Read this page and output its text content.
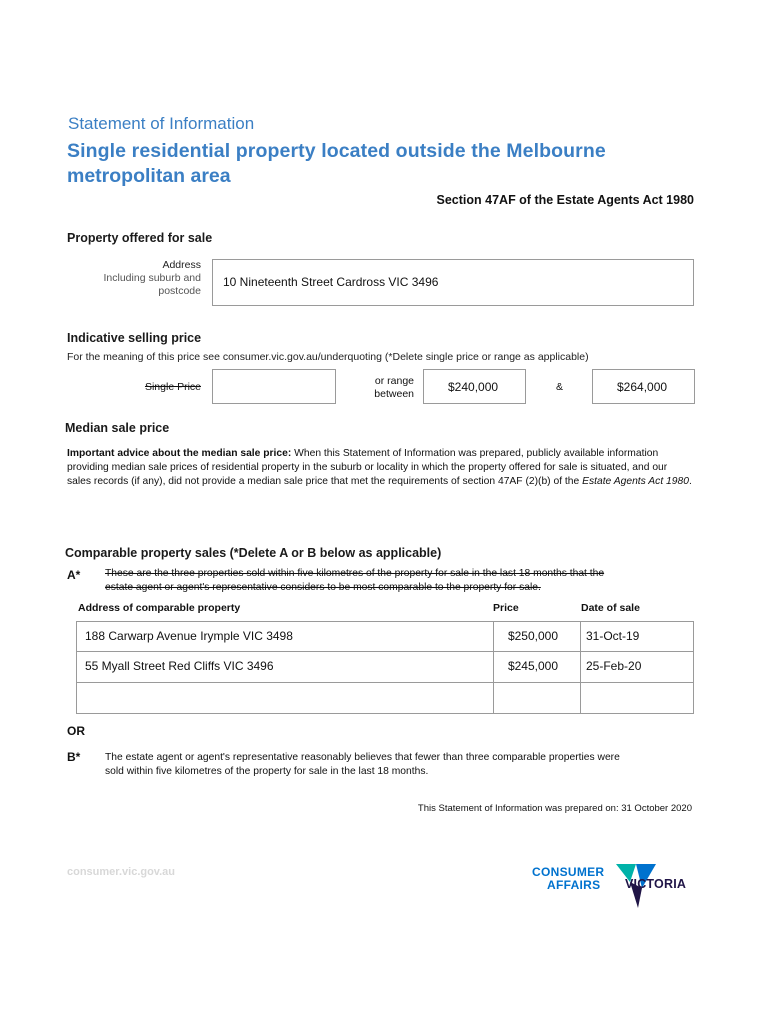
Statement of Information
Single residential property located outside the Melbourne
metropolitan area
Section 47AF of the Estate Agents Act 1980
Property offered for sale
Address
Including suburb and
postcode
10 Nineteenth Street Cardross VIC 3496
Indicative selling price
For the meaning of this price see consumer.vic.gov.au/underquoting (*Delete single price or range as applicable)
Single Price	or range
between	$240,000	&	$264,000
Median sale price
Important advice about the median sale price: When this Statement of Information was prepared, publicly available information providing median sale prices of residential property in the suburb or locality in which the property offered for sale is situated, and our sales records (if any), did not provide a median sale price that met the requirements of section 47AF (2)(b) of the Estate Agents Act 1980.
Comparable property sales (*Delete A or B below as applicable)
A* These are the three properties sold within five kilometres of the property for sale in the last 18 months that the
estate agent or agent's representative considers to be most comparable to the property for sale.
Address of comparable property	Price	Date of sale
188 Carwarp Avenue Irymple VIC 3498	$250,000 31-Oct-19
55 Myall Street Red Cliffs VIC 3496	$245,000 25-Feb-20
OR
B* The estate agent or agent's representative reasonably believes that fewer than three comparable properties were
sold within five kilometres of the property for sale in the last 18 months.
This Statement of Information was prepared on: 31 October 2020
consumer.vic.gov.au	CONSUMER
AFFAIRS VICTORIA
